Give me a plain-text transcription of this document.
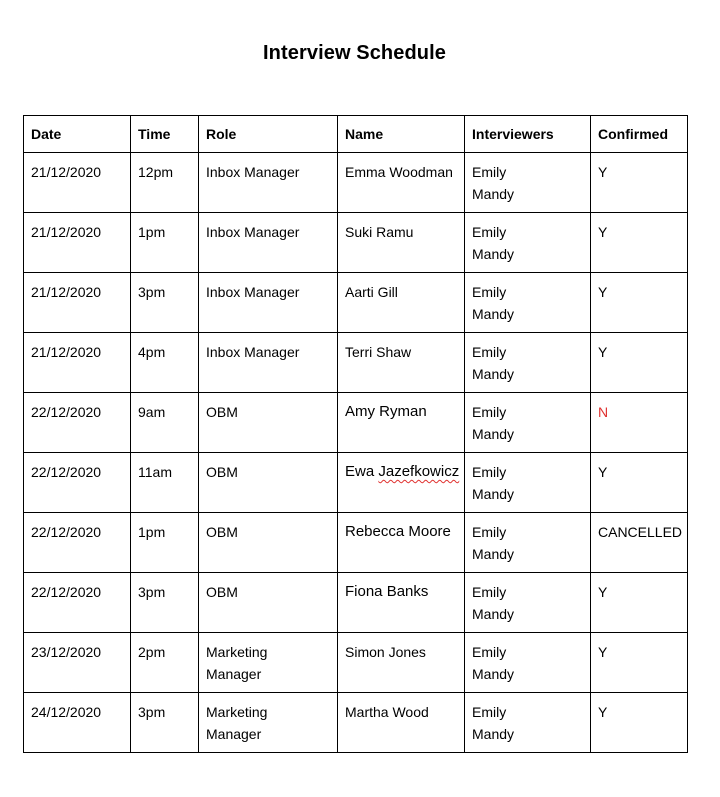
Interview Schedule
Date	Time	Role	Name	Interviewers	Confirmed
21/12/2020	12pm	Inbox Manager	Emma Woodman	Emily
Mandy	Y
21/12/2020	1pm	Inbox Manager	Suki Ramu	Emily
Mandy	Y
21/12/2020	3pm	Inbox Manager	Aarti Gill	Emily
Mandy	Y
21/12/2020	4pm	Inbox Manager	Terri Shaw	Emily
Mandy	Y
22/12/2020	9am	OBM	Amy Ryman	Emily
Mandy	N
22/12/2020	11am	OBM	Ewa Jazefkowicz	Emily
Mandy	Y
22/12/2020	1pm	OBM	Rebecca Moore	Emily
Mandy	CANCELLED
22/12/2020	3pm	OBM	Fiona Banks	Emily
Mandy	Y
23/12/2020	2pm	Marketing
Manager	Simon Jones	Emily
Mandy	Y
24/12/2020	3pm	Marketing
Manager	Martha Wood	Emily
Mandy	Y
